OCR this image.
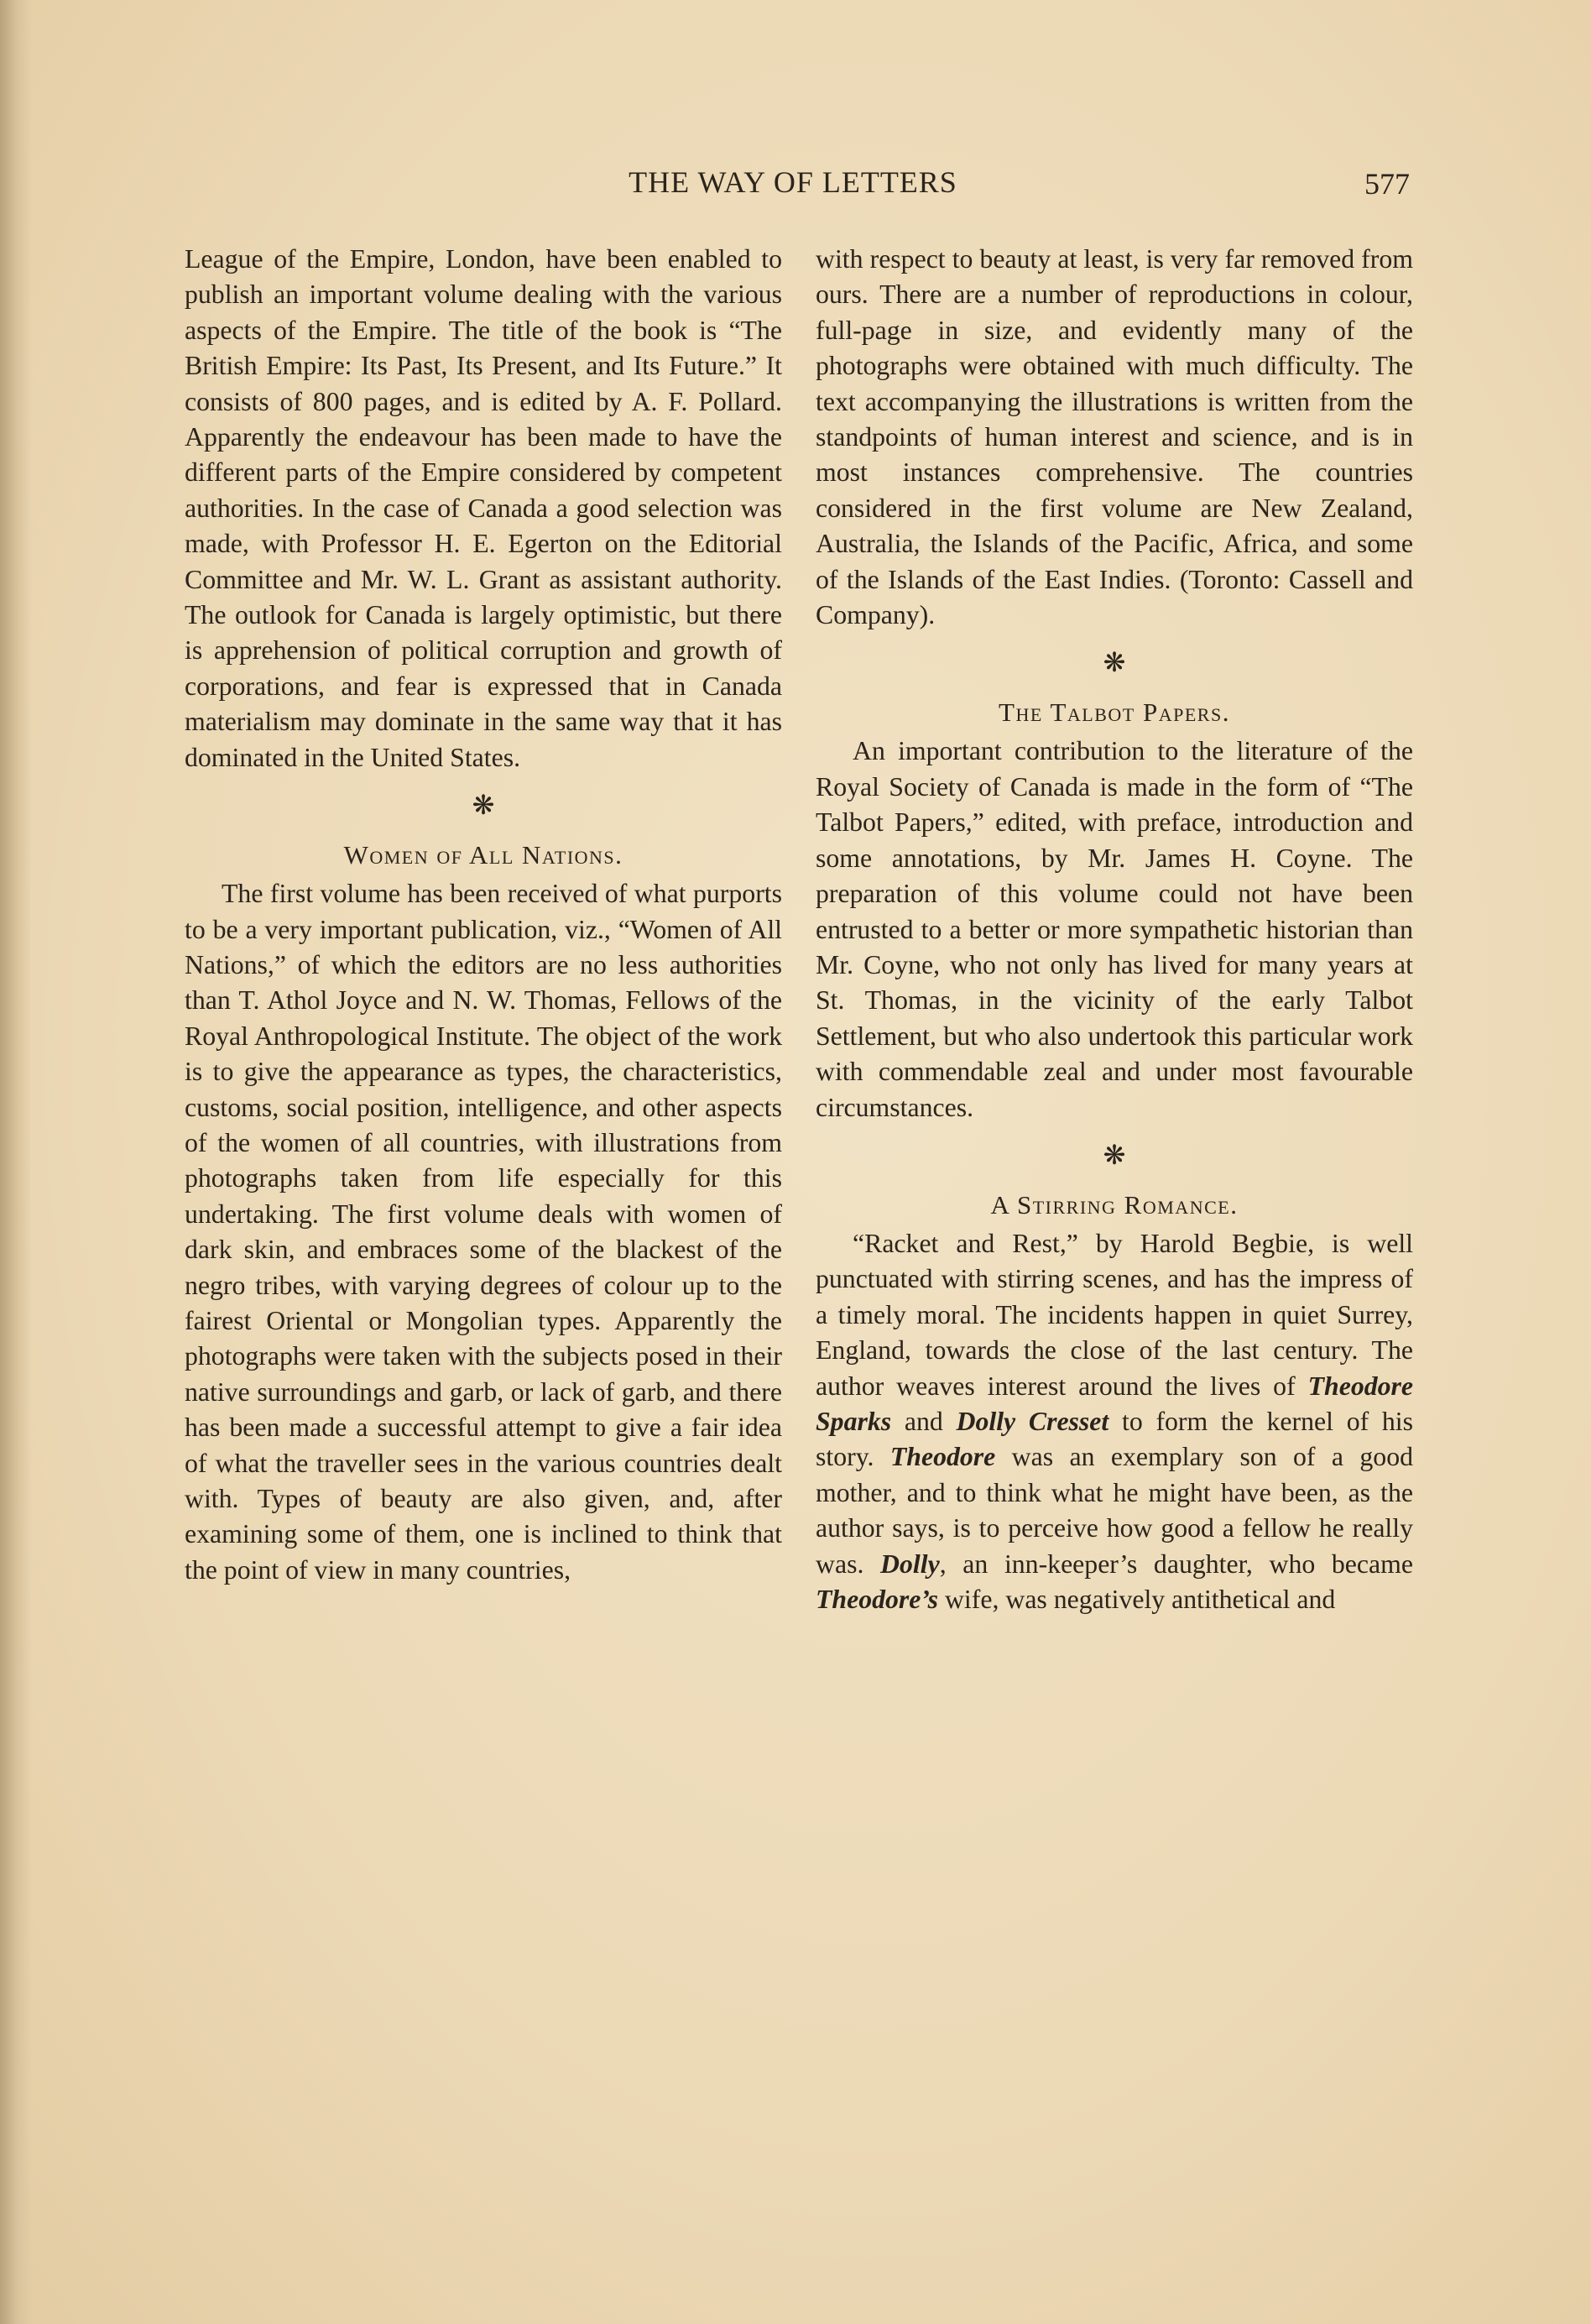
THE WAY OF LETTERS	577

League of the Empire, London, have been enabled to publish an important volume dealing with the various aspects of the Empire. The title of the book is “The British Empire: Its Past, Its Present, and Its Future.” It consists of 800 pages, and is edited by A. F. Pollard. Apparently the endeavour has been made to have the different parts of the Empire considered by competent authorities. In the case of Canada a good selection was made, with Professor H. E. Egerton on the Editorial Committee and Mr. W. L. Grant as assistant authority. The outlook for Canada is largely optimistic, but there is apprehension of political corruption and growth of corporations, and fear is expressed that in Canada materialism may dominate in the same way that it has dominated in the United States.

❋
Women of All Nations.

The first volume has been received of what purports to be a very important publication, viz., “Women of All Nations,” of which the editors are no less authorities than T. Athol Joyce and N. W. Thomas, Fellows of the Royal Anthropological Institute. The object of the work is to give the appearance as types, the characteristics, customs, social position, intelligence, and other aspects of the women of all countries, with illustrations from photographs taken from life especially for this undertaking. The first volume deals with women of dark skin, and embraces some of the blackest of the negro tribes, with varying degrees of colour up to the fairest Oriental or Mongolian types. Apparently the photographs were taken with the subjects posed in their native surroundings and garb, or lack of garb, and there has been made a successful attempt to give a fair idea of what the traveller sees in the various countries dealt with. Types of beauty are also given, and, after examining some of them, one is inclined to think that the point of view in many countries,

with respect to beauty at least, is very far removed from ours. There are a number of reproductions in colour, full-page in size, and evidently many of the photographs were obtained with much difficulty. The text accompanying the illustrations is written from the standpoints of human interest and science, and is in most instances comprehensive. The countries considered in the first volume are New Zealand, Australia, the Islands of the Pacific, Africa, and some of the Islands of the East Indies. (Toronto: Cassell and Company).

❋
The Talbot Papers.

An important contribution to the literature of the Royal Society of Canada is made in the form of “The Talbot Papers,” edited, with preface, introduction and some annotations, by Mr. James H. Coyne. The preparation of this volume could not have been entrusted to a better or more sympathetic historian than Mr. Coyne, who not only has lived for many years at St. Thomas, in the vicinity of the early Talbot Settlement, but who also undertook this particular work with commendable zeal and under most favourable circumstances.

❋
A Stirring Romance.

“Racket and Rest,” by Harold Begbie, is well punctuated with stirring scenes, and has the impress of a timely moral. The incidents happen in quiet Surrey, England, towards the close of the last century. The author weaves interest around the lives of Theodore Sparks and Dolly Cresset to form the kernel of his story. Theodore was an exemplary son of a good mother, and to think what he might have been, as the author says, is to perceive how good a fellow he really was. Dolly, an inn-keeper’s daughter, who became Theodore’s wife, was negatively antithetical and
